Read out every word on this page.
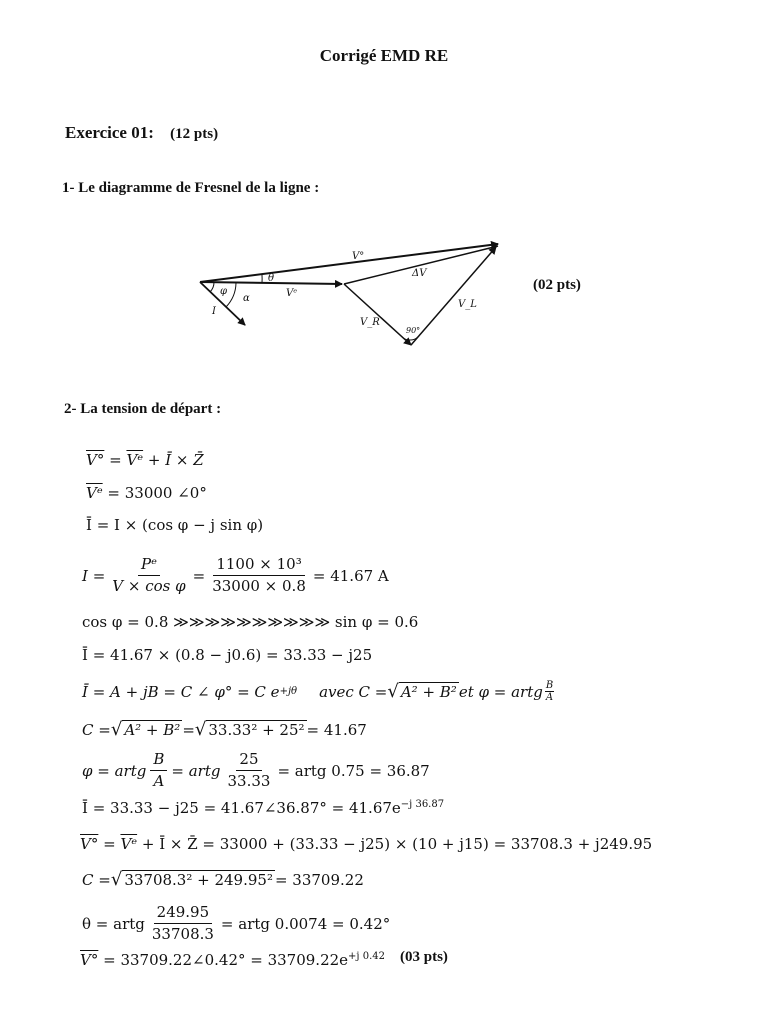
Corrigé EMD RE
Exercice 01: (12 pts)
1- Le diagramme de Fresnel de la ligne :
V°
θ	ΔV
Vᵉ
φ
α
I
V_R
V_L
90°
(02 pts)
2- La tension de départ :
$V^\circ = \overline{Vᵉ}$ + Ī × Z̄
$\overline{Vᵉ} = 33000$ ∠0°
Ī = I × (cos φ − j sin φ)
$I = \frac{\text{Pᵉ}}{\text{V × cos φ}} = \frac{\text{1100 × 10³}}{33000 \times 0.8} = 41.67$ A
cos φ = 0.8 ≫≫≫≫≫≫≫≫≫≫ sin φ = 0.6
Ī = 41.67 × (0.8 − j0.6) = 33.33 − j25
Ī = A + jB = C ∠ φ° = C e +jθ avec C = √ A² + B² et φ = artg $\frac{B}{A}$
C = √ A² + B² = √ 33.33² + 25² = 41.67
φ = artg $\frac{B}{A}$ = artg $\frac{25}{33.33}$ = artg 0.75 = 36.87
Ī = 33.33 − j25 = 41.67∠36.87° = $41.67e^{-j 36.87}$
$V^\circ = \overline{Vᵉ}$ + Ī × Z̄ = 33000 + (33.33 − j25) × (10 + j15) = 33708.3 + j249.95
C = √ 33708.3² + 249.95² = 33709.22
θ = artg $\frac{249.95}{33708.3}$ = artg 0.0074 = 0.42°
V° = 33709.22∠0.42° = $33709.22e^{+j 0.42}$ (03 pts)
